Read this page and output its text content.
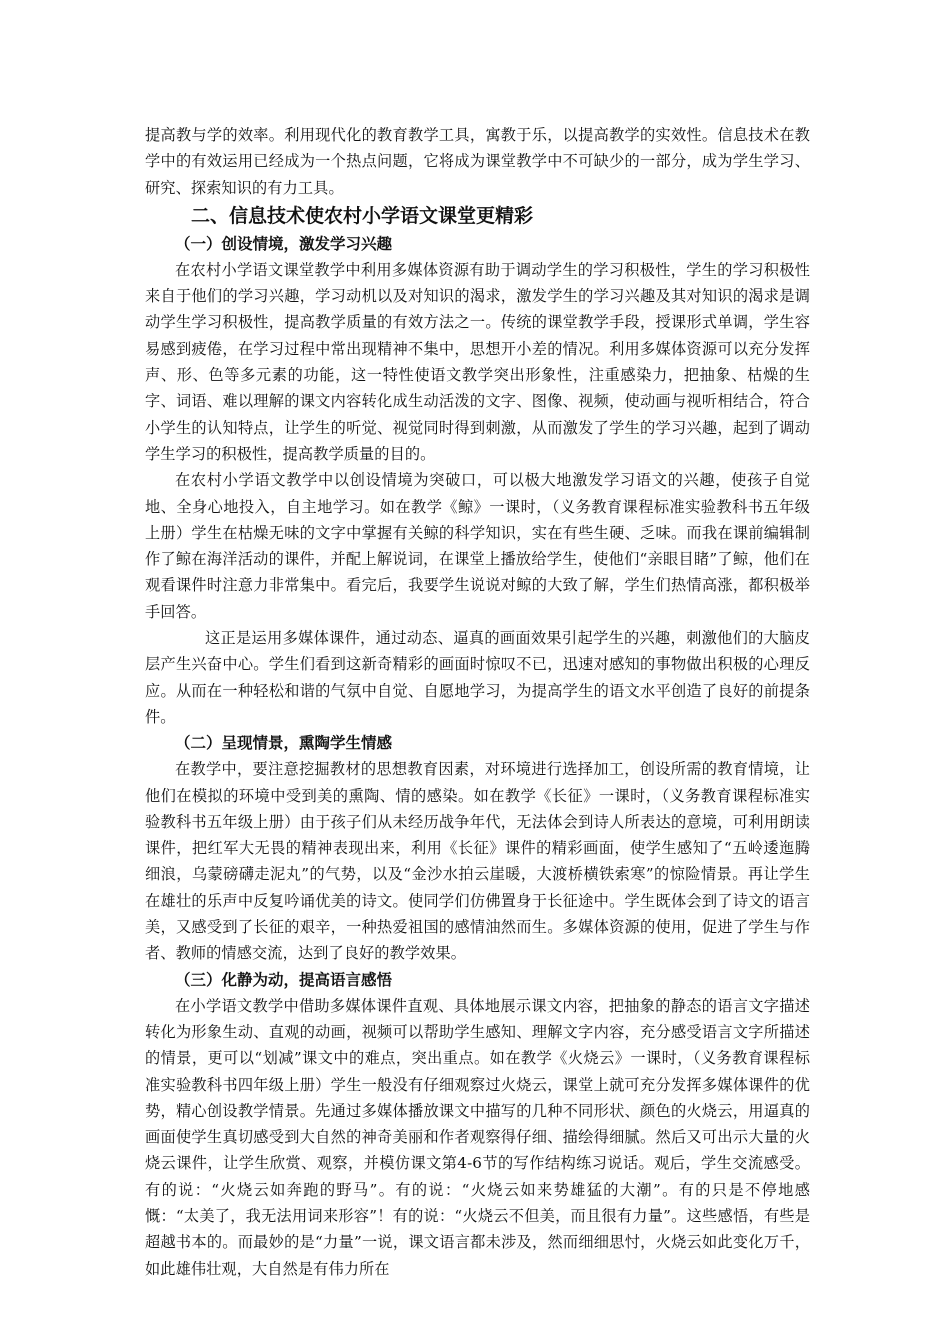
提高教与学的效率。利用现代化的教育教学工具，寓教于乐，以提高教学的实效性。信息技术在教学中的有效运用已经成为一个热点问题，它将成为课堂教学中不可缺少的一部分，成为学生学习、研究、探索知识的有力工具。

二、信息技术使农村小学语文课堂更精彩
（一）创设情境，激发学习兴趣

在农村小学语文课堂教学中利用多媒体资源有助于调动学生的学习积极性，学生的学习积极性来自于他们的学习兴趣，学习动机以及对知识的渴求，激发学生的学习兴趣及其对知识的渴求是调动学生学习积极性，提高教学质量的有效方法之一。传统的课堂教学手段，授课形式单调，学生容易感到疲倦，在学习过程中常出现精神不集中，思想开小差的情况。利用多媒体资源可以充分发挥声、形、色等多元素的功能，这一特性使语文教学突出形象性，注重感染力，把抽象、枯燥的生字、词语、难以理解的课文内容转化成生动活泼的文字、图像、视频，使动画与视听相结合，符合小学生的认知特点，让学生的听觉、视觉同时得到刺激，从而激发了学生的学习兴趣，起到了调动学生学习的积极性，提高教学质量的目的。

在农村小学语文教学中以创设情境为突破口，可以极大地激发学习语文的兴趣，使孩子自觉地、全身心地投入，自主地学习。如在教学《鲸》一课时，（义务教育课程标准实验教科书五年级上册）学生在枯燥无味的文字中掌握有关鲸的科学知识，实在有些生硬、乏味。而我在课前编辑制作了鲸在海洋活动的课件，并配上解说词，在课堂上播放给学生，使他们“亲眼目睹”了鲸，他们在观看课件时注意力非常集中。看完后，我要学生说说对鲸的大致了解，学生们热情高涨，都积极举手回答。

这正是运用多媒体课件，通过动态、逼真的画面效果引起学生的兴趣，刺激他们的大脑皮层产生兴奋中心。学生们看到这新奇精彩的画面时惊叹不已，迅速对感知的事物做出积极的心理反应。从而在一种轻松和谐的气氛中自觉、自愿地学习，为提高学生的语文水平创造了良好的前提条件。

（二）呈现情景，熏陶学生情感

在教学中，要注意挖掘教材的思想教育因素，对环境进行选择加工，创设所需的教育情境，让他们在模拟的环境中受到美的熏陶、情的感染。如在教学《长征》一课时，（义务教育课程标准实验教科书五年级上册）由于孩子们从未经历战争年代，无法体会到诗人所表达的意境，可利用朗读课件，把红军大无畏的精神表现出来，利用《长征》课件的精彩画面，使学生感知了“五岭逶迤腾细浪，乌蒙磅礴走泥丸”的气势，以及“金沙水拍云崖暖，大渡桥横铁索寒”的惊险情景。再让学生在雄壮的乐声中反复吟诵优美的诗文。使同学们仿佛置身于长征途中。学生既体会到了诗文的语言美，又感受到了长征的艰辛，一种热爱祖国的感情油然而生。多媒体资源的使用，促进了学生与作者、教师的情感交流，达到了良好的教学效果。

（三）化静为动，提高语言感悟

在小学语文教学中借助多媒体课件直观、具体地展示课文内容，把抽象的静态的语言文字描述转化为形象生动、直观的动画，视频可以帮助学生感知、理解文字内容，充分感受语言文字所描述的情景，更可以“划减”课文中的难点，突出重点。如在教学《火烧云》一课时，（义务教育课程标准实验教科书四年级上册）学生一般没有仔细观察过火烧云，课堂上就可充分发挥多媒体课件的优势，精心创设教学情景。先通过多媒体播放课文中描写的几种不同形状、颜色的火烧云，用逼真的画面使学生真切感受到大自然的神奇美丽和作者观察得仔细、描绘得细腻。然后又可出示大量的火烧云课件，让学生欣赏、观察，并模仿课文第4-6节的写作结构练习说话。观后，学生交流感受。有的说：“火烧云如奔跑的野马”。有的说：“火烧云如来势雄猛的大潮”。有的只是不停地感慨：“太美了，我无法用词来形容”！有的说：“火烧云不但美，而且很有力量”。这些感悟，有些是超越书本的。而最妙的是“力量”一说，课文语言都未涉及，然而细细思忖，火烧云如此变化万千，如此雄伟壮观，大自然是有伟力所在
